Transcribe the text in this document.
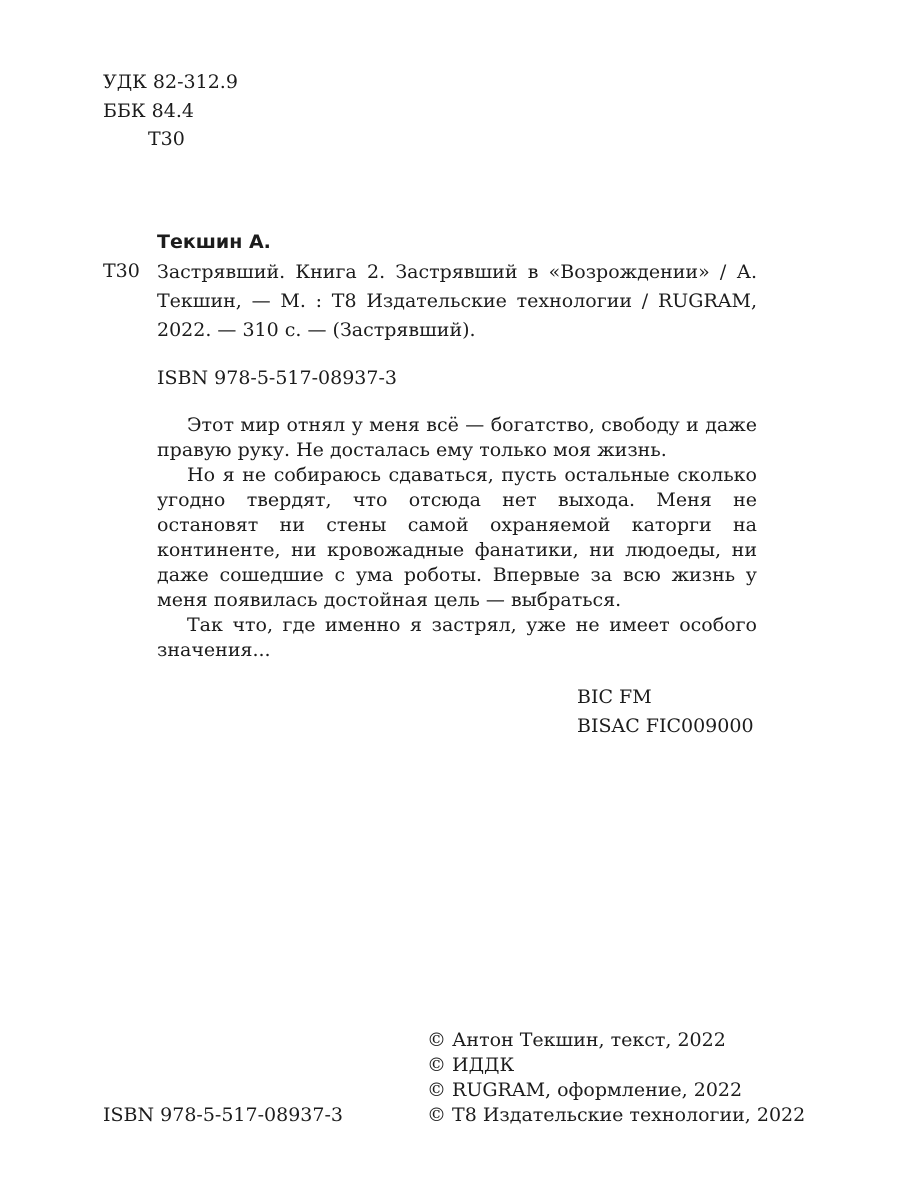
УДК 82-312.9
ББК 84.4
Т30
Текшин А.
Т30 Застрявший. Книга 2. Застрявший в «Возрождении» / А. Текшин, — М. : Т8 Издательские технологии / RUGRAM, 2022. — 310 с. — (Застрявший).
ISBN 978-5-517-08937-3

Этот мир отнял у меня всё — богатство, свободу и даже правую руку. Не досталась ему только моя жизнь.

Но я не собираюсь сдаваться, пусть остальные сколько угодно твердят, что отсюда нет выхода. Меня не остановят ни стены самой охраняемой каторги на континенте, ни кровожадные фанатики, ни людоеды, ни даже сошедшие с ума роботы. Впервые за всю жизнь у меня появилась достойная цель — выбраться.

Так что, где именно я застрял, уже не имеет особого значения...

BIC FM
BISAC FIC009000
ISBN 978-5-517-08937-3
© Антон Текшин, текст, 2022
© ИДДК
© RUGRAM, оформление, 2022
© Т8 Издательские технологии, 2022
